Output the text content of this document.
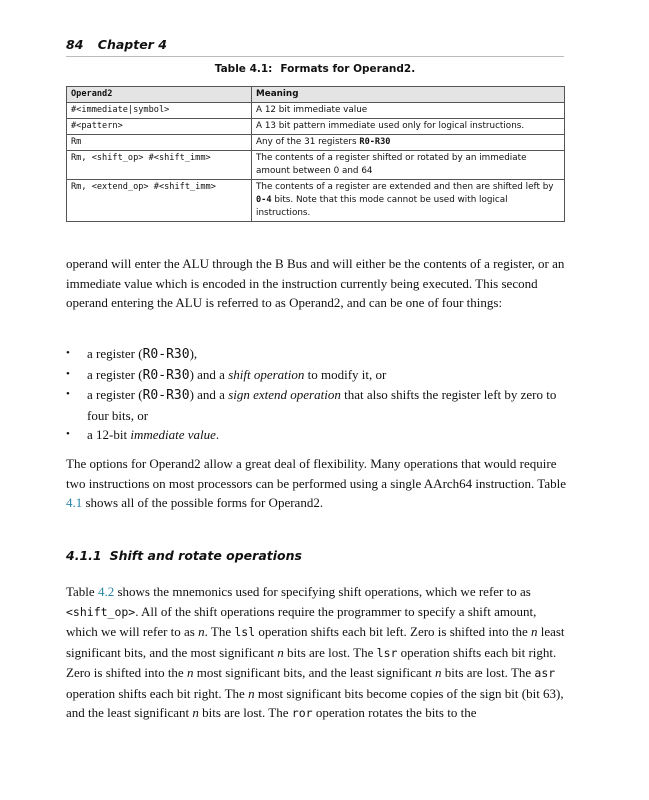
84 Chapter 4
Table 4.1: Formats for Operand2.
Operand2	Meaning
#<immediate|symbol>	A 12 bit immediate value
#<pattern>	A 13 bit pattern immediate used only for logical instructions.
Rm	Any of the 31 registers R0-R30
Rm, <shift_op> #<shift_imm>	The contents of a register shifted or rotated by an immediate amount between 0 and 64
Rm, <extend_op> #<shift_imm>	The contents of a register are extended and then are shifted left by 0-4 bits. Note that this mode cannot be used with logical instructions.

operand will enter the ALU through the B Bus and will either be the contents of a register, or an immediate value which is encoded in the instruction currently being executed. This second operand entering the ALU is referred to as Operand2, and can be one of four things:

• a register (R0-R30),
• a register (R0-R30) and a shift operation to modify it, or
• a register (R0-R30) and a sign extend operation that also shifts the register left by zero to four bits, or
• a 12-bit immediate value.

The options for Operand2 allow a great deal of flexibility. Many operations that would require two instructions on most processors can be performed using a single AArch64 instruction. Table 4.1 shows all of the possible forms for Operand2.

4.1.1 Shift and rotate operations

Table 4.2 shows the mnemonics used for specifying shift operations, which we refer to as <shift_op>. All of the shift operations require the programmer to specify a shift amount, which we will refer to as n. The lsl operation shifts each bit left. Zero is shifted into the n least significant bits, and the most significant n bits are lost. The lsr operation shifts each bit right. Zero is shifted into the n most significant bits, and the least significant n bits are lost. The asr operation shifts each bit right. The n most significant bits become copies of the sign bit (bit 63), and the least significant n bits are lost. The ror operation rotates the bits to the
